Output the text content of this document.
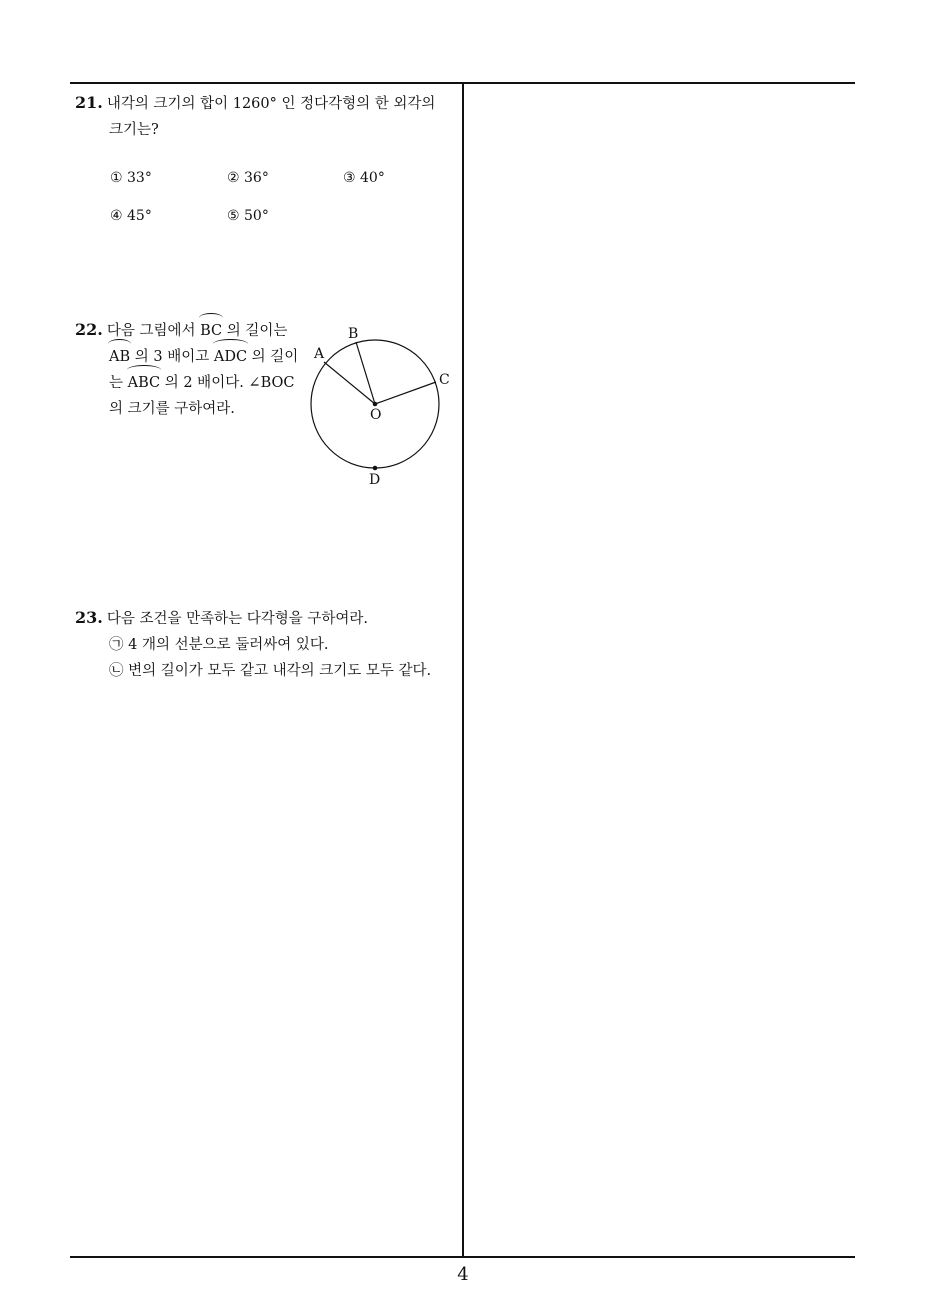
21. 내각의 크기의 합이 1260° 인 정다각형의 한 외각의
크기는?
① 33°	② 36°	③ 40°
④ 45°	⑤ 50°
22. 다음 그림에서 BC 의 길이는
AB 의 3 배이고 ADC 의 길이
는 ABC 의 2 배이다. ∠BOC
의 크기를 구하여라.
A
B
C
O
D
23. 다음 조건을 만족하는 다각형을 구하여라.
㉠ 4 개의 선분으로 둘러싸여 있다.
㉡ 변의 길이가 모두 같고 내각의 크기도 모두 같다.
4
